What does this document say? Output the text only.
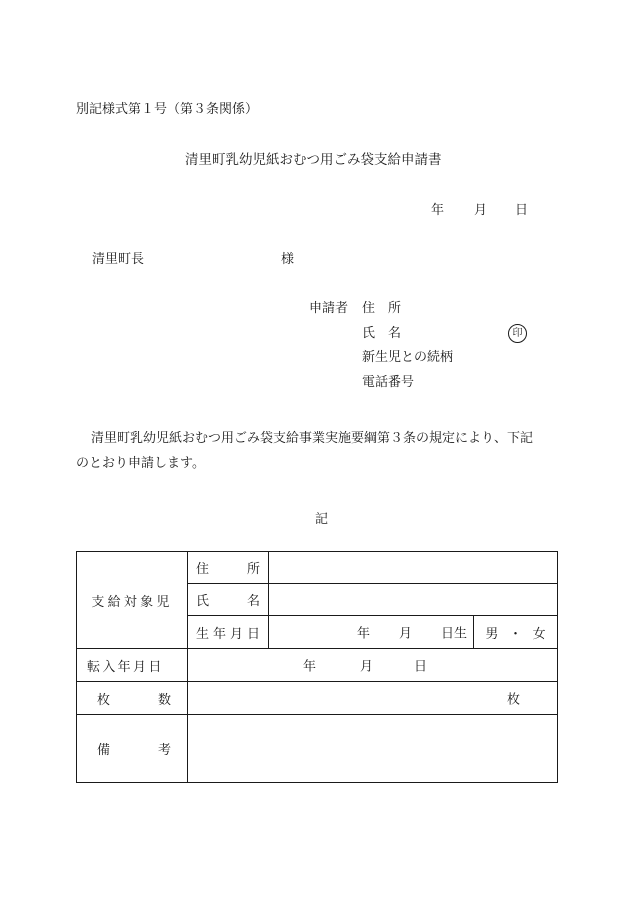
別記様式第１号（第３条関係）
清里町乳幼児紙おむつ用ごみ袋支給申請書
年 月 日
清里町長	様
申請者 住　所
氏　名	印
新生児との続柄
電話番号
清里町乳幼児紙おむつ用ごみ袋支給事業実施要綱第３条の規定により、下記
のとおり申請します。
記
支給対象児	住 所		

	氏 名		

	生 年 月 日	年 月 日生	男 ・ 女

転入年月日	年 月 日		

枚 数	枚		

備 考			
